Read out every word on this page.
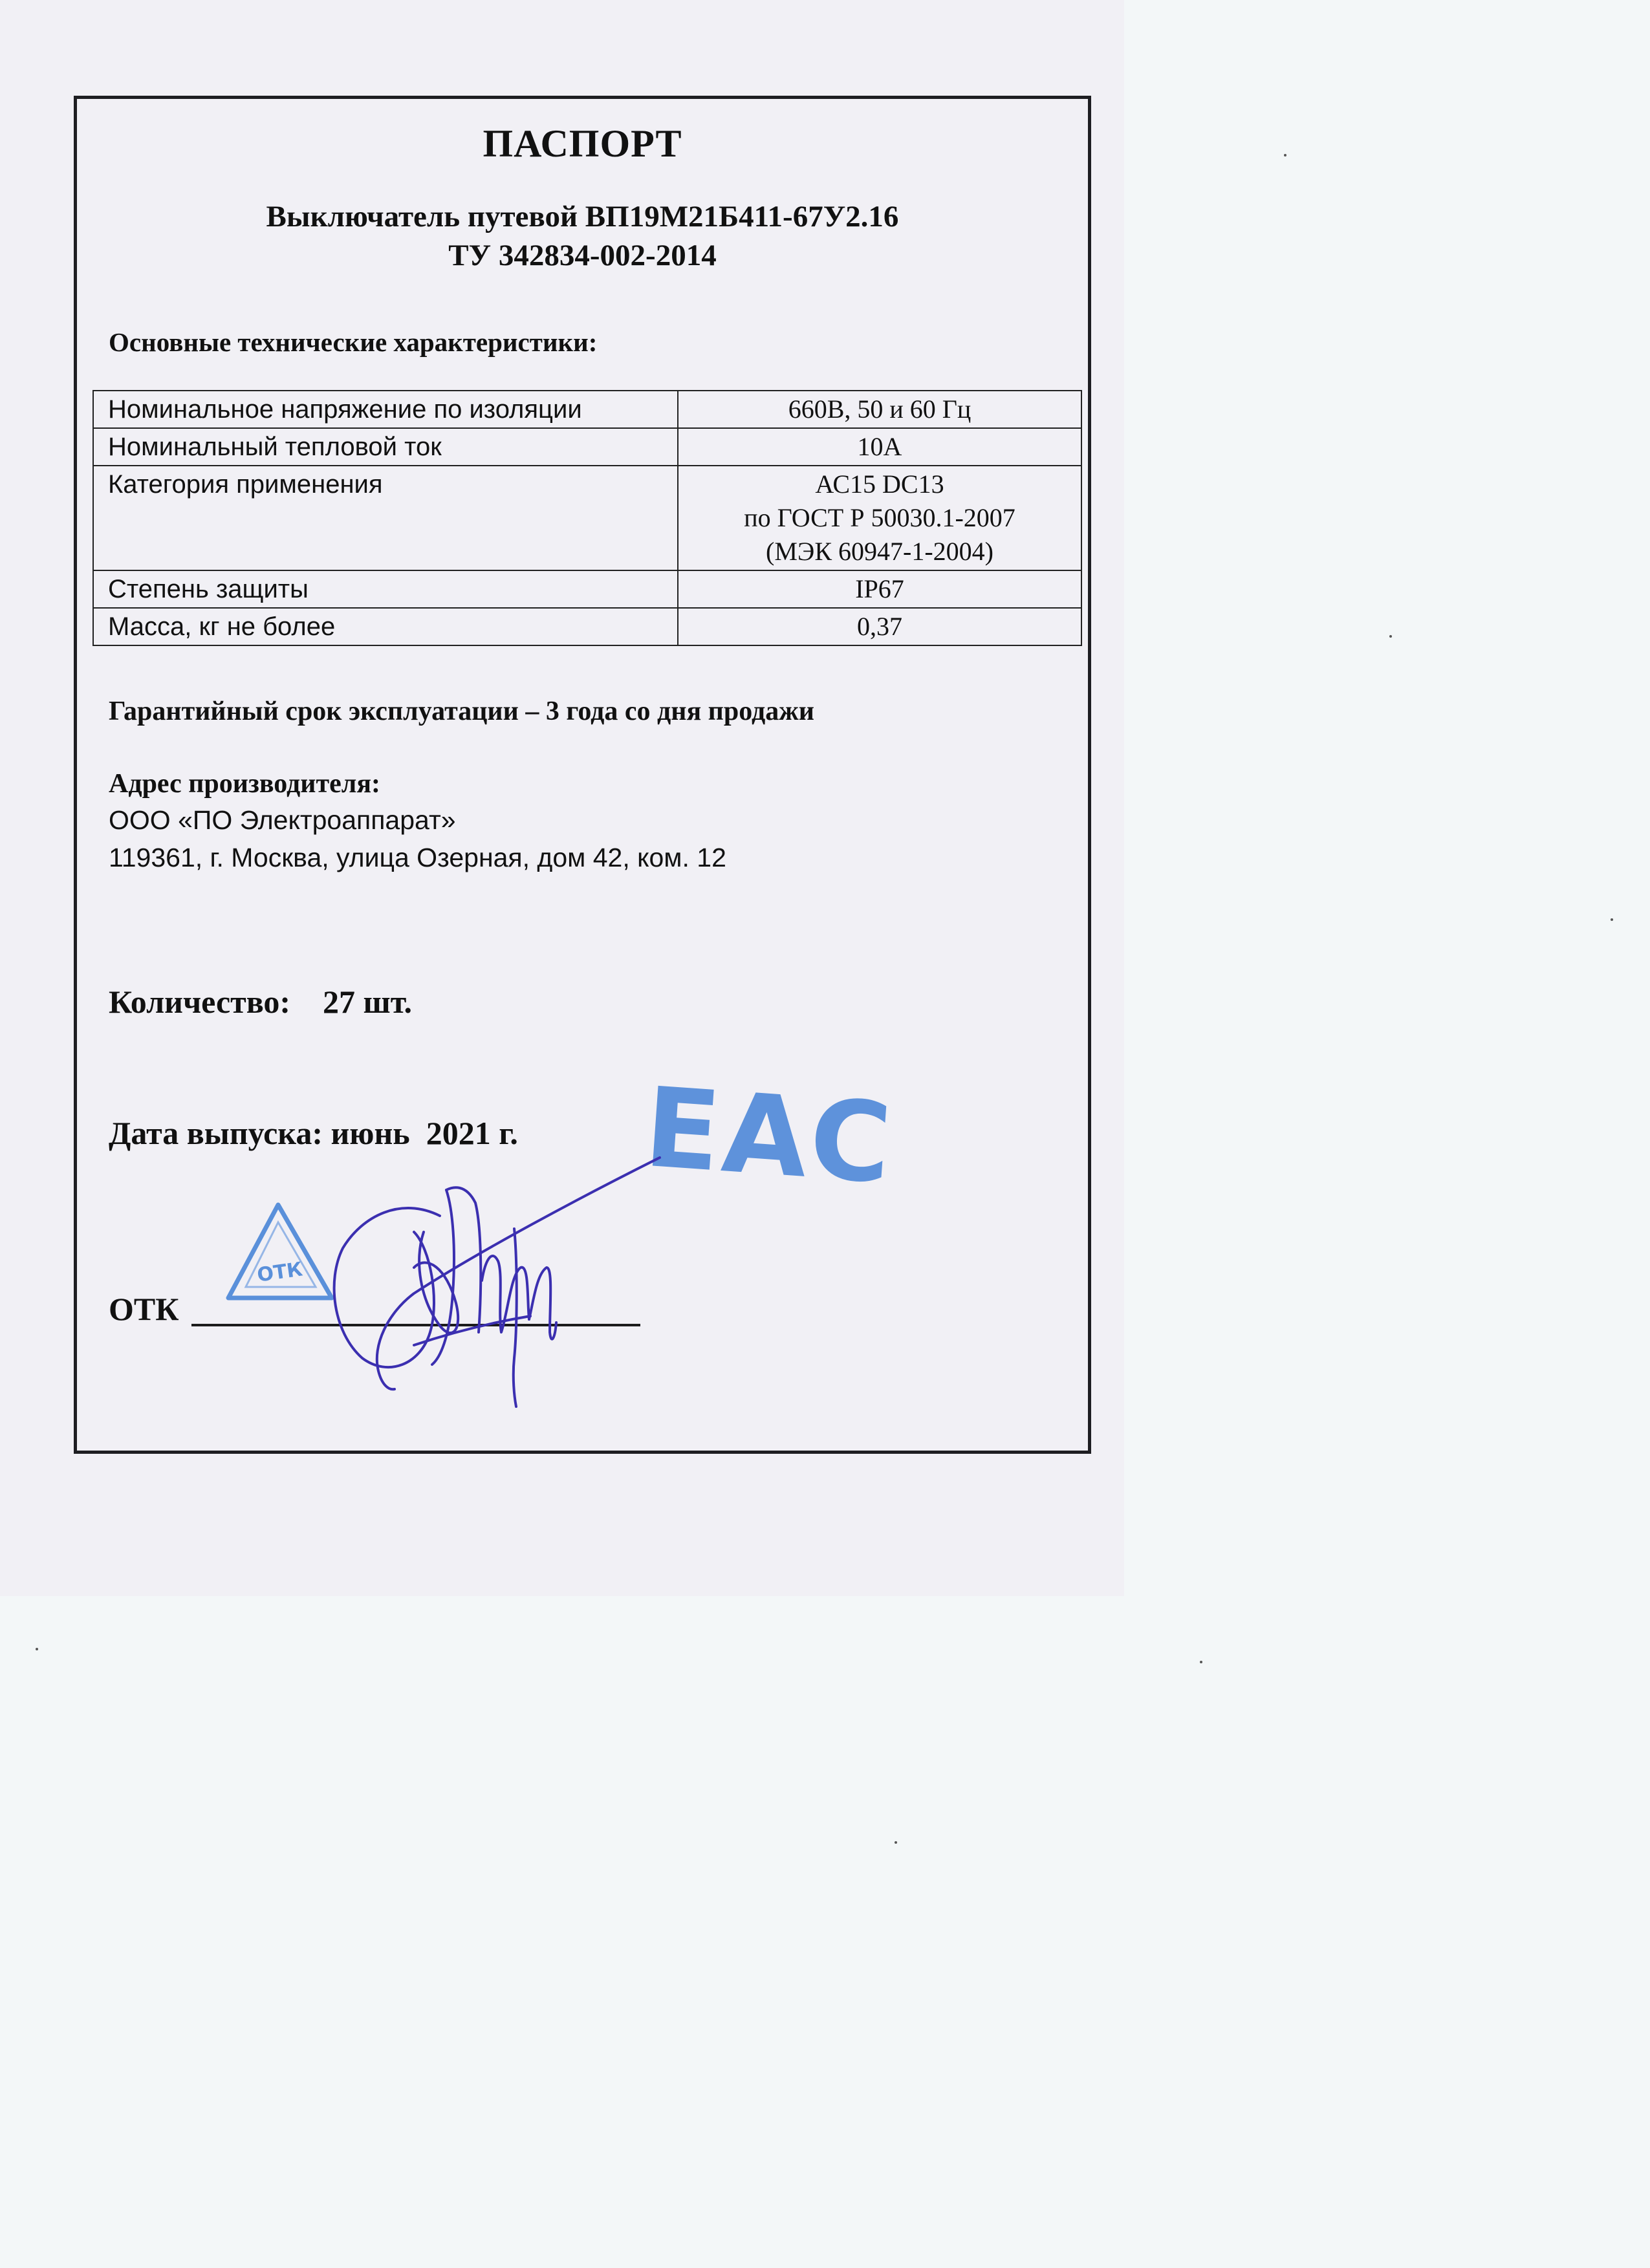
ПАСПОРТ
Выключатель путевой ВП19М21Б411-67У2.16
ТУ 342834-002-2014
Основные технические характеристики:
Номинальное напряжение по изоляции	660В, 50 и 60 Гц

Номинальный тепловой ток	10А

Категория применения	АС15 DC13
по ГОСТ Р 50030.1-2007
(МЭК 60947-1-2004)

Степень защиты	IP67

Масса, кг не более	0,37
Гарантийный срок эксплуатации – 3 года со дня продажи
Адрес производителя:
ООО «ПО Электроаппарат»
119361, г. Москва, улица Озерная, дом 42, ком. 12
Количество:    27 шт.
Дата выпуска: июнь  2021 г.
ОТК
ОТК
EAC
